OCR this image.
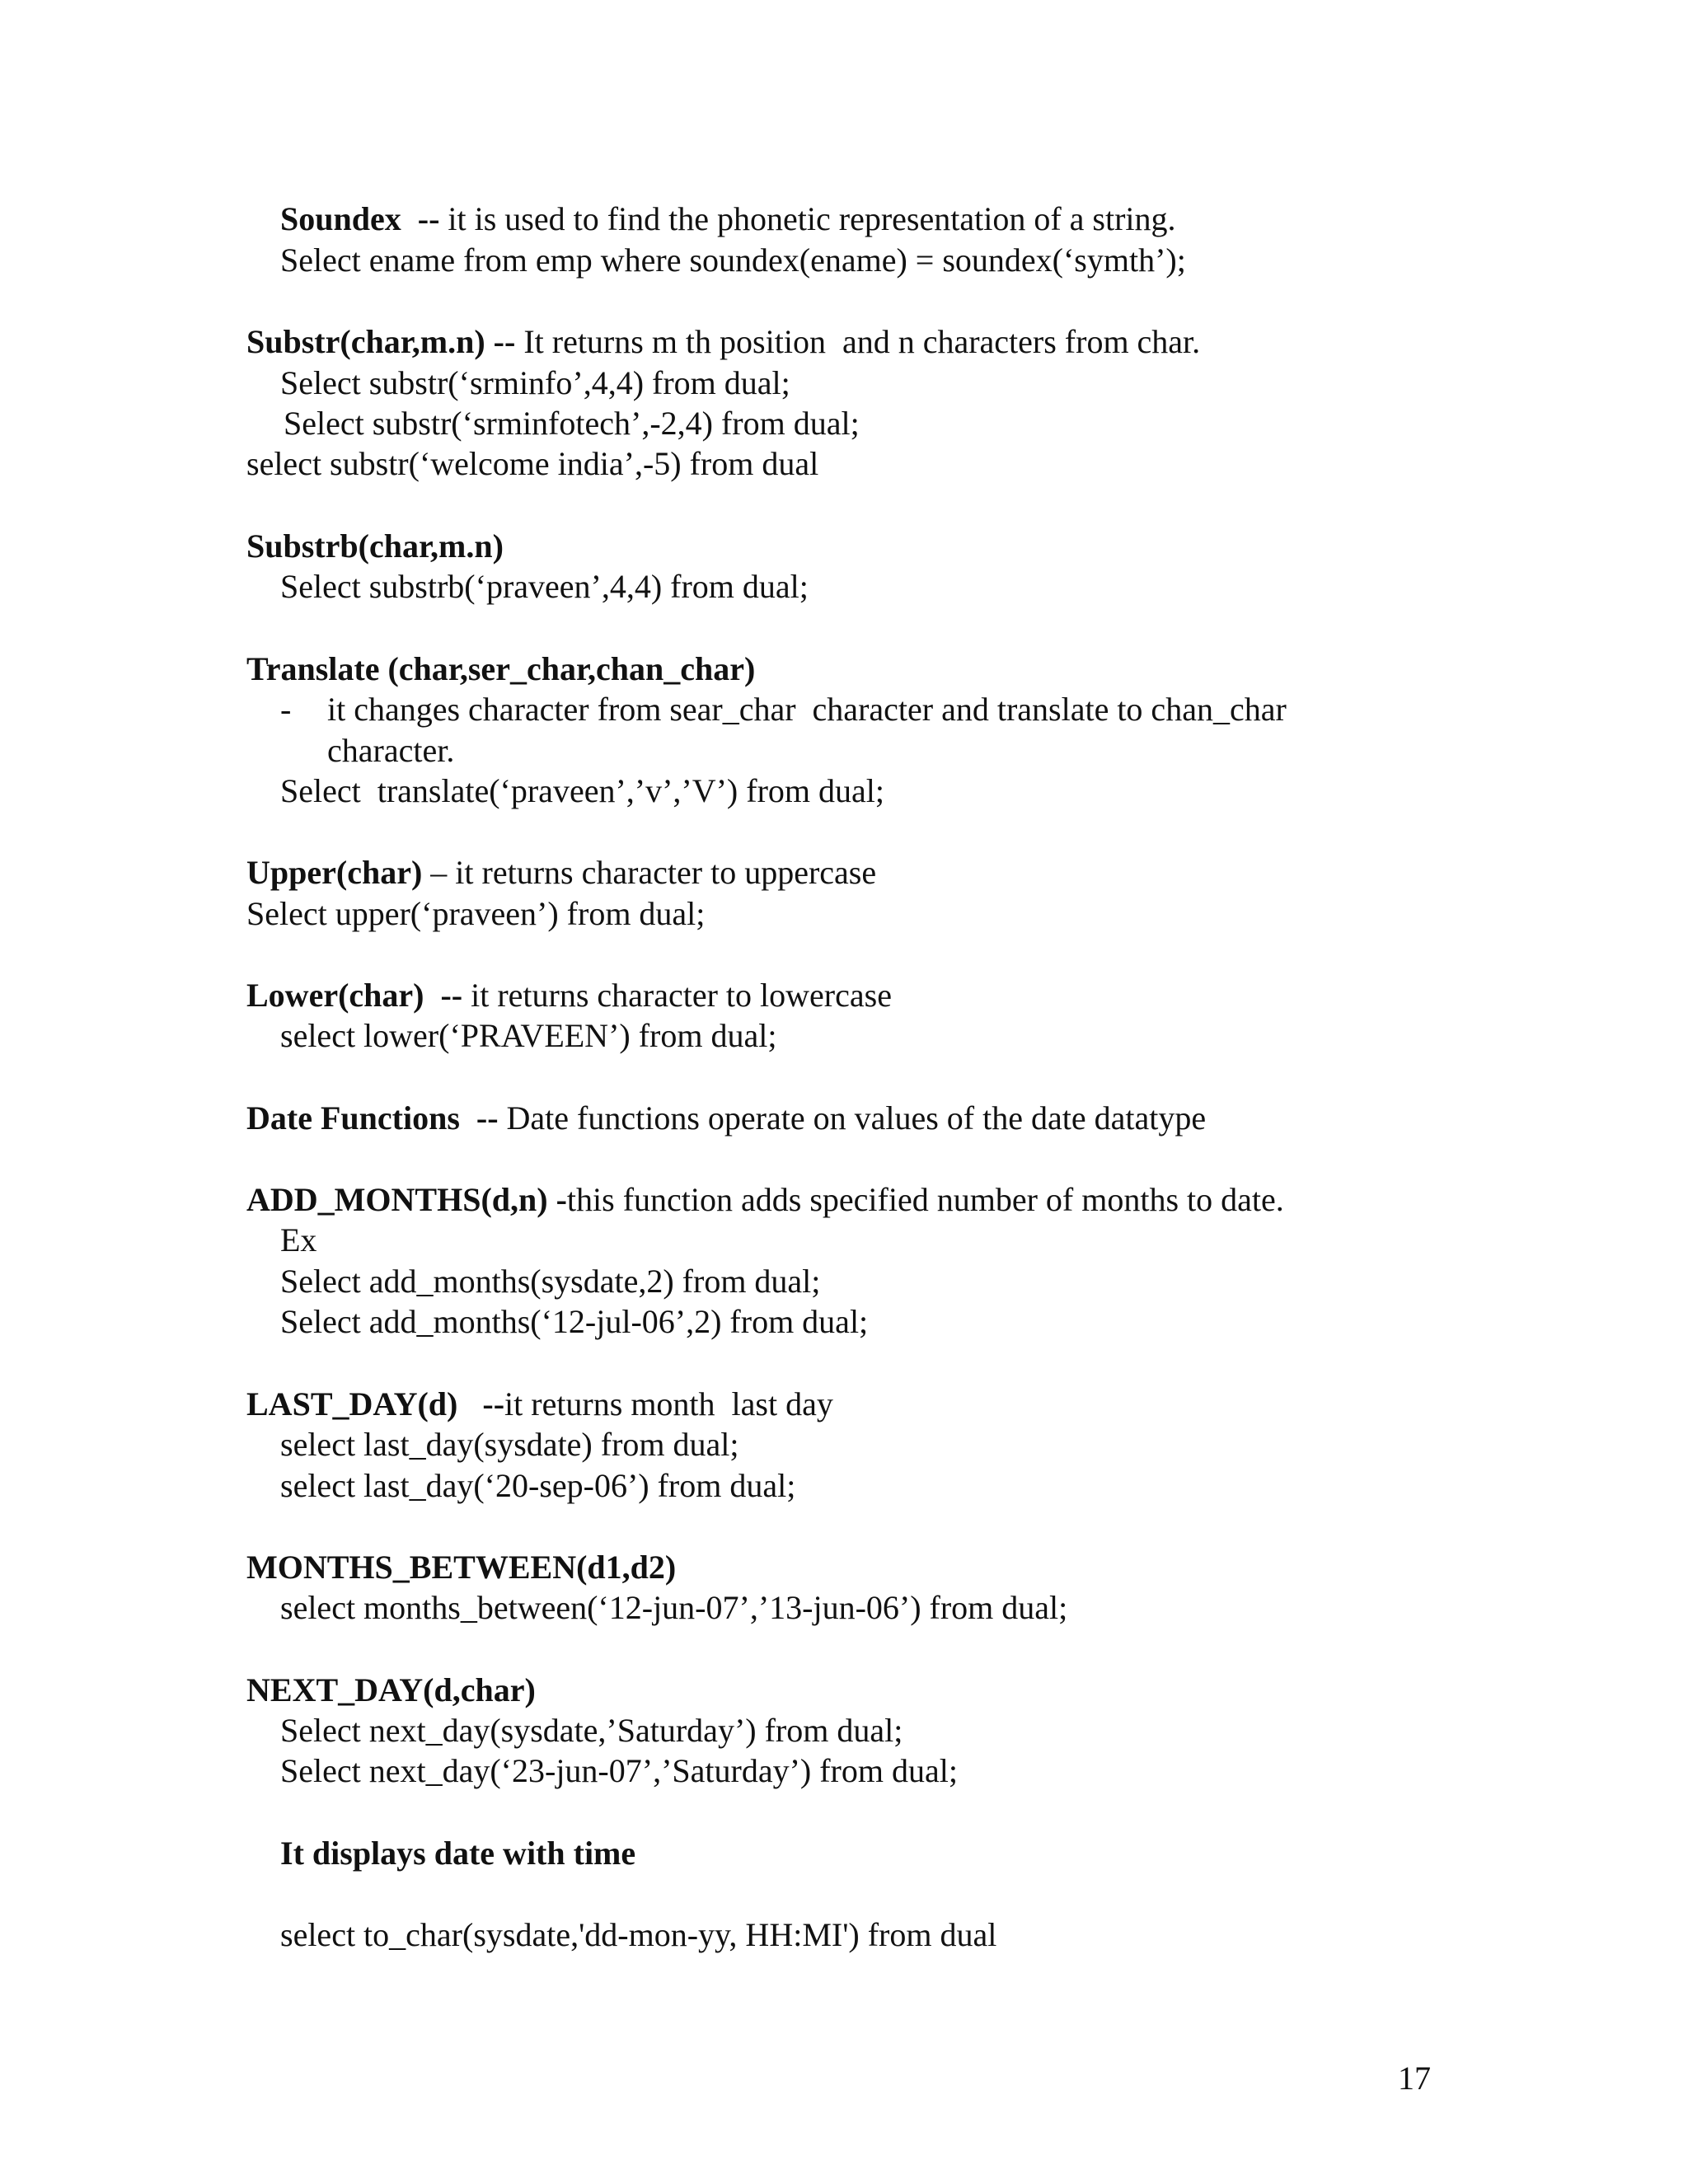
Soundex  -- it is used to find the phonetic representation of a string.
Select ename from emp where soundex(ename) = soundex(‘symth’);
Substr(char,m.n) -- It returns m th position  and n characters from char.
Select substr(‘srminfo’,4,4) from dual;
Select substr(‘srminfotech’,-2,4) from dual;
select substr(‘welcome india’,-5) from dual
Substrb(char,m.n)
Select substrb(‘praveen’,4,4) from dual;
Translate (char,ser_char,chan_char)
- it changes character from sear_char  character and translate to chan_char
character.
Select  translate(‘praveen’,’v’,’V’) from dual;
Upper(char) – it returns character to uppercase
Select upper(‘praveen’) from dual;
Lower(char)  -- it returns character to lowercase
select lower(‘PRAVEEN’) from dual;
Date Functions  -- Date functions operate on values of the date datatype
ADD_MONTHS(d,n) -this function adds specified number of months to date.
Ex
Select add_months(sysdate,2) from dual;
Select add_months(‘12-jul-06’,2) from dual;
LAST_DAY(d)   --it returns month  last day
select last_day(sysdate) from dual;
select last_day(‘20-sep-06’) from dual;
MONTHS_BETWEEN(d1,d2)
select months_between(‘12-jun-07’,’13-jun-06’) from dual;
NEXT_DAY(d,char)
Select next_day(sysdate,’Saturday’) from dual;
Select next_day(‘23-jun-07’,’Saturday’) from dual;
It displays date with time
select to_char(sysdate,'dd-mon-yy, HH:MI') from dual
17
